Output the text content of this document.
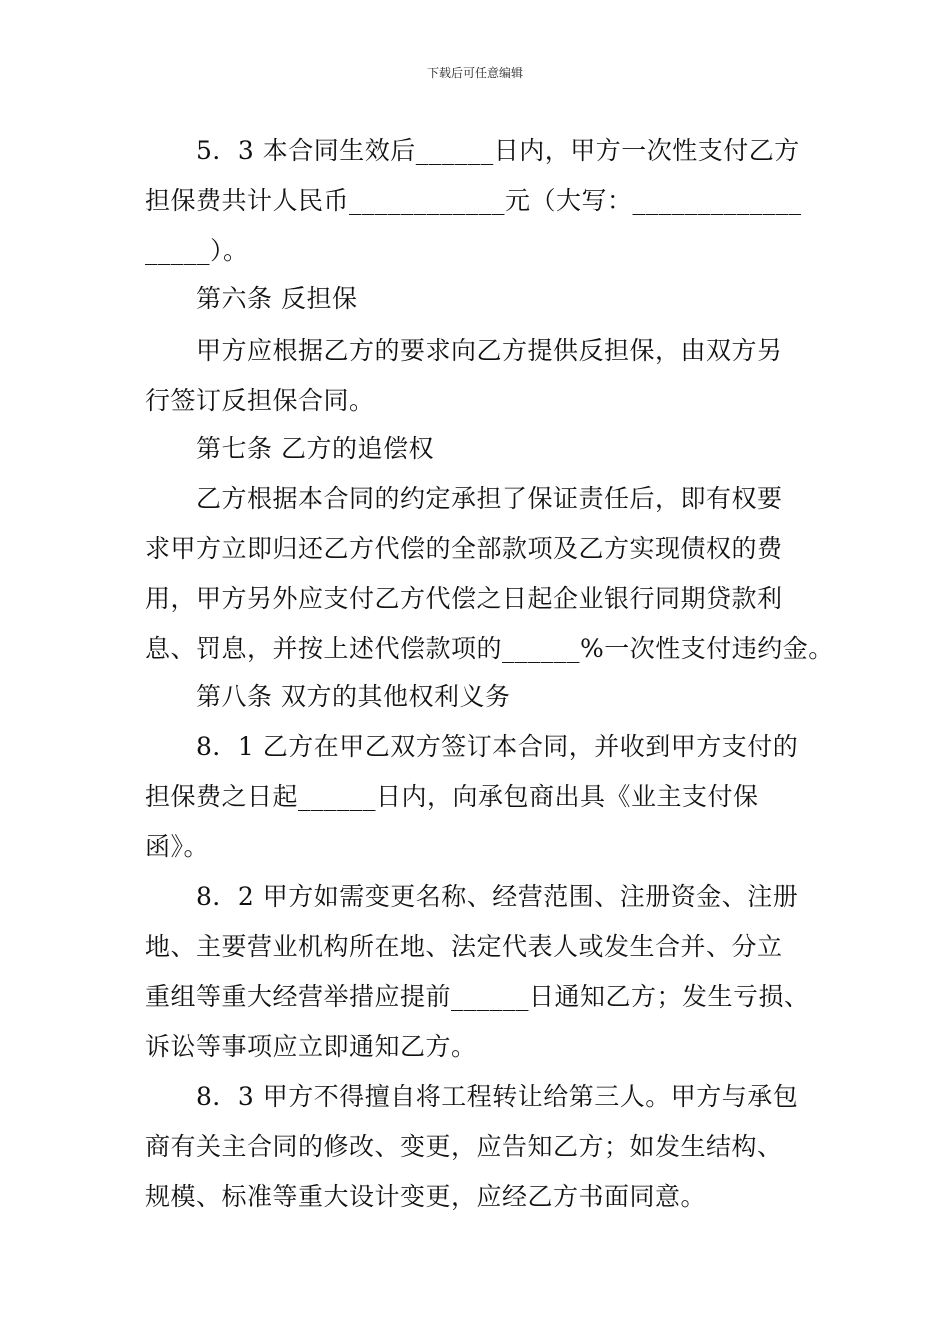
下载后可任意编辑
　　5．3 本合同生效后______日内，甲方一次性支付乙方
担保费共计人民币____________元（大写：_____________
_____）。
　　第六条 反担保
　　甲方应根据乙方的要求向乙方提供反担保，由双方另
行签订反担保合同。
　　第七条 乙方的追偿权
　　乙方根据本合同的约定承担了保证责任后，即有权要
求甲方立即归还乙方代偿的全部款项及乙方实现债权的费
用，甲方另外应支付乙方代偿之日起企业银行同期贷款利
息、罚息，并按上述代偿款项的______%一次性支付违约金。
　　第八条 双方的其他权利义务
　　8．1 乙方在甲乙双方签订本合同，并收到甲方支付的
担保费之日起______日内，向承包商出具《业主支付保
函》。
　　8．2 甲方如需变更名称、经营范围、注册资金、注册
地、主要营业机构所在地、法定代表人或发生合并、分立
重组等重大经营举措应提前______日通知乙方；发生亏损、
诉讼等事项应立即通知乙方。
　　8．3 甲方不得擅自将工程转让给第三人。甲方与承包
商有关主合同的修改、变更，应告知乙方；如发生结构、
规模、标准等重大设计变更，应经乙方书面同意。
